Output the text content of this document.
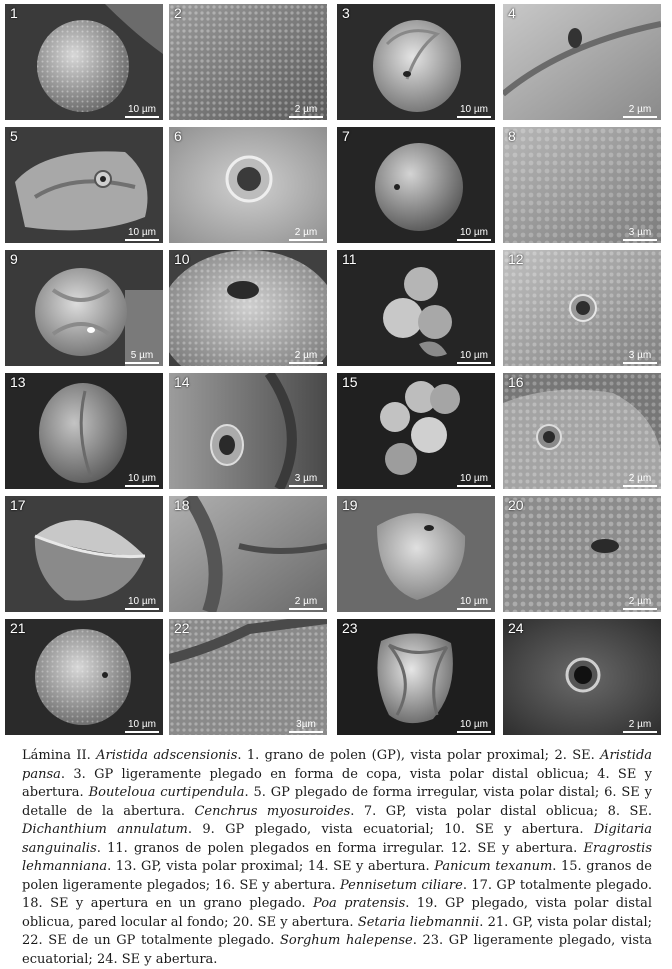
1
10 µm
2
2 µm
3
10 µm
4
2 µm
5
10 µm
6
2 µm
7
10 µm
8
3 µm
9
5 µm
10
2 µm
11
10 µm
12
3 µm
13
10 µm
14
3 µm
15
10 µm
16
2 µm
17
10 µm
18
2 µm
19
10 µm
20
2 µm
21
10 µm
22
3µm
23
10 µm
24
2 µm

Lámina II. Aristida adscensionis. 1. grano de polen (GP), vista polar proximal; 2. SE. Aristida pansa. 3. GP ligeramente plegado en forma de copa, vista polar distal oblicua; 4. SE y abertura. Bouteloua curtipendula. 5. GP plegado de forma irregular, vista polar distal; 6. SE y detalle de la abertura. Cenchrus myosuroides. 7. GP, vista polar distal oblicua; 8. SE. Dichanthium annulatum. 9. GP plegado, vista ecuatorial; 10. SE y abertura. Digitaria sanguinalis. 11. granos de polen plegados en forma irregular. 12. SE y abertura. Eragrostis lehmanniana. 13. GP, vista polar proximal; 14. SE y abertura. Panicum texanum. 15. granos de polen ligeramente plegados; 16. SE y abertura. Pennisetum ciliare. 17. GP totalmente plegado. 18. SE y apertura en un grano plegado. Poa pratensis. 19. GP plegado, vista polar distal oblicua, pared locular al fondo; 20. SE y abertura. Setaria liebmannii. 21. GP, vista polar distal; 22. SE de un GP totalmente plegado. Sorghum halepense. 23. GP ligeramente plegado, vista ecuatorial; 24. SE y abertura.
